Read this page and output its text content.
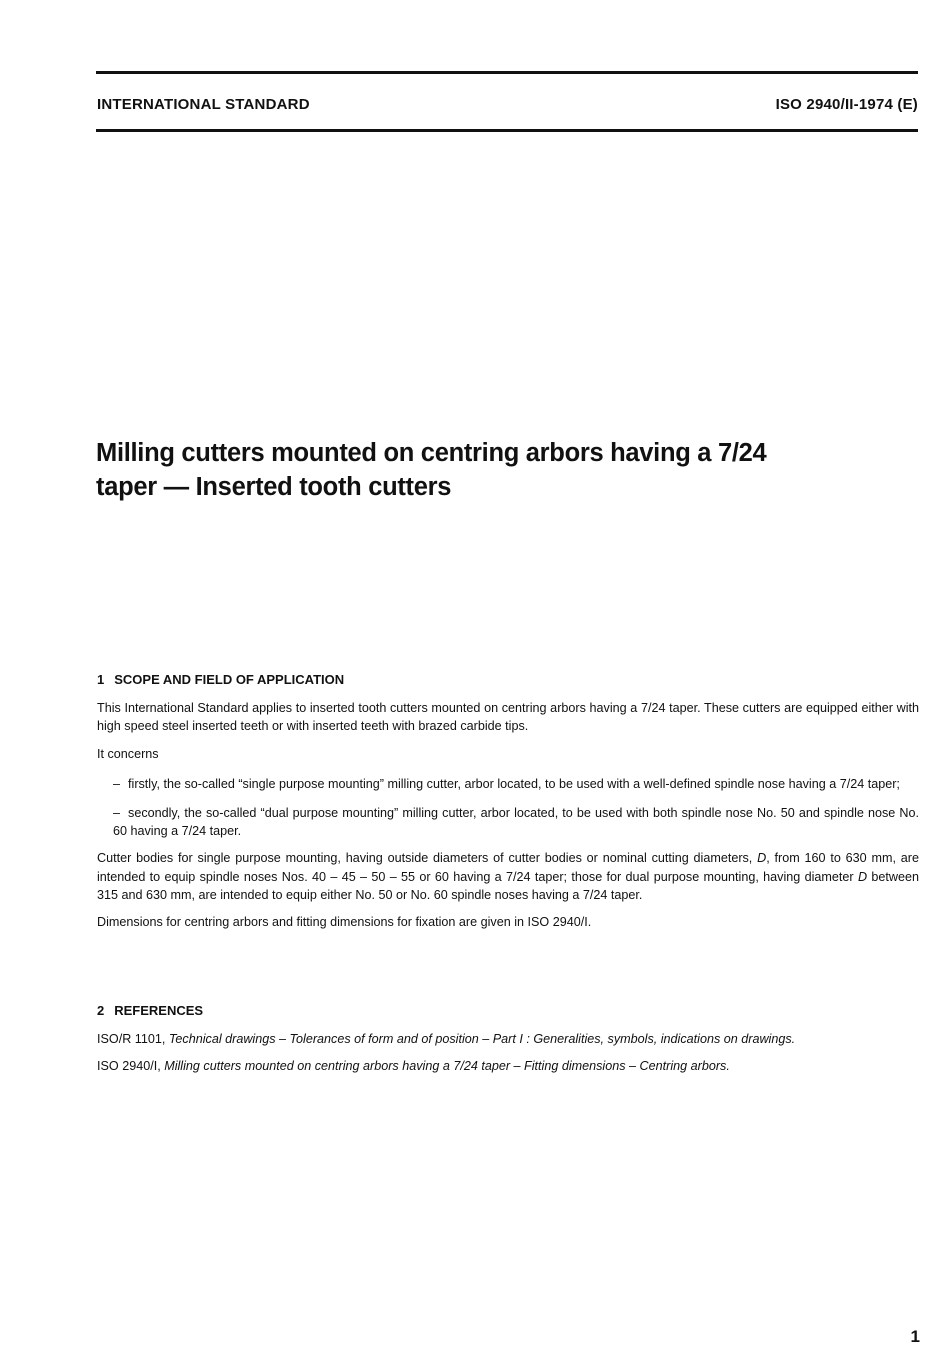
INTERNATIONAL STANDARD	ISO 2940/II-1974 (E)
Milling cutters mounted on centring arbors having a 7/24
taper — Inserted tooth cutters
1 SCOPE AND FIELD OF APPLICATION

This International Standard applies to inserted tooth cutters mounted on centring arbors having a 7/24 taper. These cutters are equipped either with high speed steel inserted teeth or with inserted teeth with brazed carbide tips.

It concerns

– firstly, the so-called “single purpose mounting” milling cutter, arbor located, to be used with a well-defined spindle nose having a 7/24 taper;

– secondly, the so-called “dual purpose mounting” milling cutter, arbor located, to be used with both spindle nose No. 50 and spindle nose No. 60 having a 7/24 taper.

Cutter bodies for single purpose mounting, having outside diameters of cutter bodies or nominal cutting diameters, D, from 160 to 630 mm, are intended to equip spindle noses Nos. 40 – 45 – 50 – 55 or 60 having a 7/24 taper; those for dual purpose mounting, having diameter D between 315 and 630 mm, are intended to equip either No. 50 or No. 60 spindle noses having a 7/24 taper.

Dimensions for centring arbors and fitting dimensions for fixation are given in ISO 2940/I.

2 REFERENCES

ISO/R 1101, Technical drawings – Tolerances of form and of position – Part I : Generalities, symbols, indications on drawings.

ISO 2940/I, Milling cutters mounted on centring arbors having a 7/24 taper – Fitting dimensions – Centring arbors.

1
